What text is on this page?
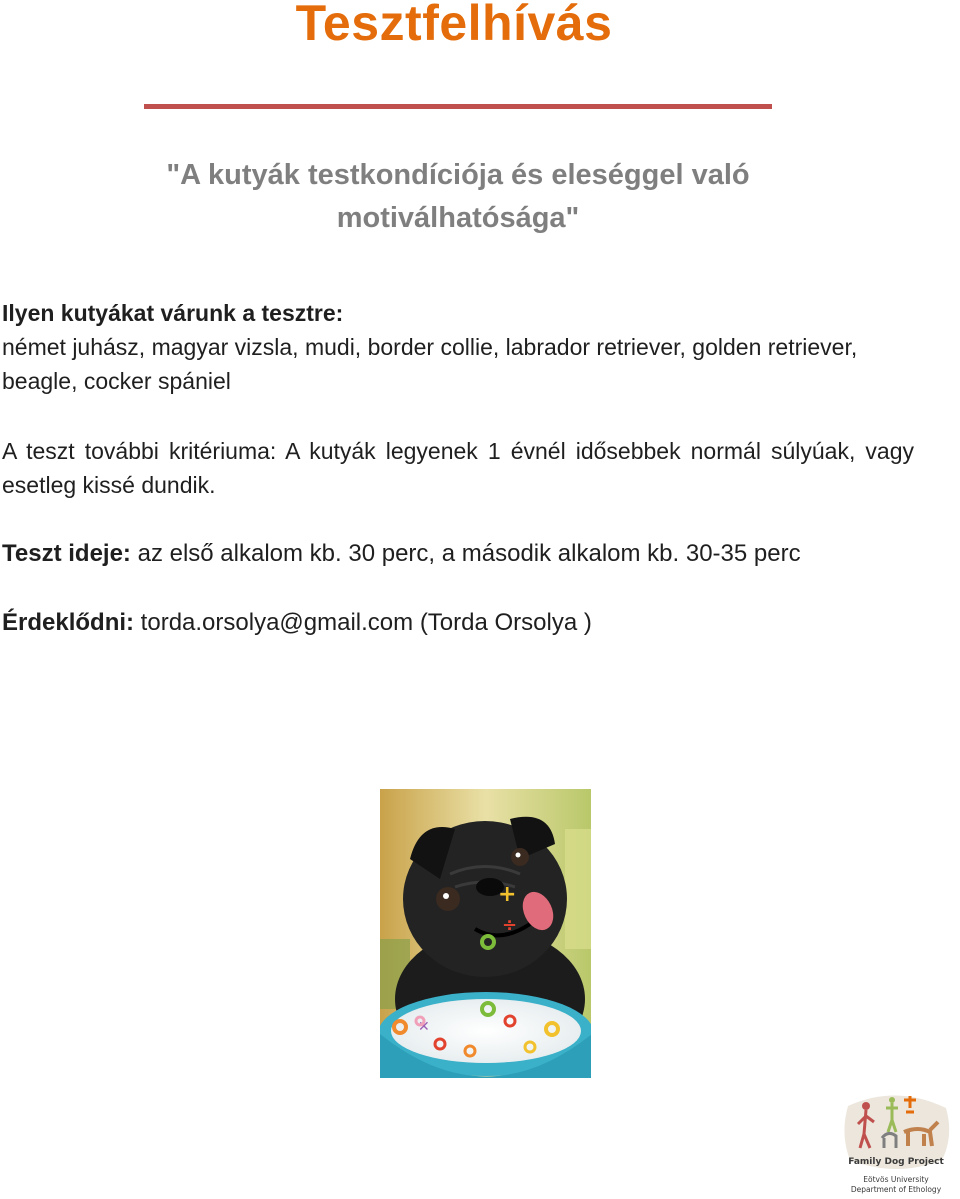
Tesztfelhívás
"A kutyák testkondíciója és eleséggel való
motiválhatósága"
Ilyen kutyákat várunk a tesztre:
német juhász, magyar vizsla, mudi, border collie, labrador retriever, golden retriever, beagle, cocker spániel
A teszt további kritériuma: A kutyák legyenek 1 évnél idősebbek normál súlyúak, vagy esetleg kissé dundik.
Teszt ideje: az első alkalom kb. 30 perc, a második alkalom kb. 30-35 perc
Érdeklődni: torda.orsolya@gmail.com (Torda Orsolya )
+
÷
✕
Family Dog Project
Eötvös University
Department of Ethology
